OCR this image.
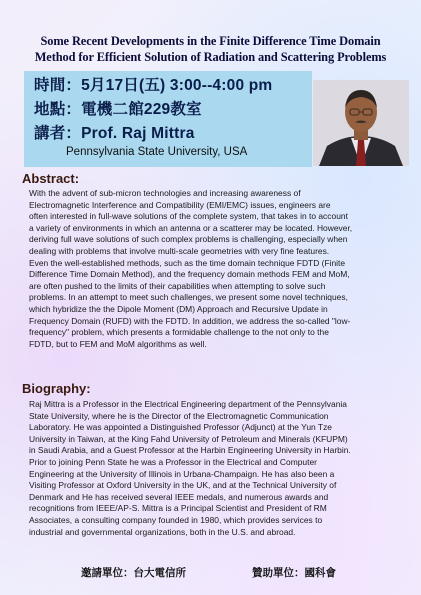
Some Recent Developments in the Finite Difference Time Domain
Method for Efficient Solution of Radiation and Scattering Problems
時間：5月17日(五) 3:00--4:00 pm
地點：電機二館229教室
講者：Prof. Raj Mittra
Pennsylvania State University, USA
Abstract:
With the advent of sub-micron technologies and increasing awareness of
Electromagnetic Interference and Compatibility (EMI/EMC) issues, engineers are
often interested in full-wave solutions of the complete system, that takes in to account
a variety of environments in which an antenna or a scatterer may be located. However,
deriving full wave solutions of such complex problems is challenging, especially when
dealing with problems that involve multi-scale geometries with very fine features.
Even the well-established methods, such as the time domain technique FDTD (Finite
Difference Time Domain Method), and the frequency domain methods FEM and MoM,
are often pushed to the limits of their capabilities when attempting to solve such
problems. In an attempt to meet such challenges, we present some novel techniques,
which hybridize the the Dipole Moment (DM) Approach and Recursive Update in
Frequency Domain (RUFD) with the FDTD. In addition, we address the so-called "low-
frequency" problem, which presents a formidable challenge to the not only to the
FDTD, but to FEM and MoM algorithms as well.
Biography:
Raj Mittra is a Professor in the Electrical Engineering department of the Pennsylvania
State University, where he is the Director of the Electromagnetic Communication
Laboratory. He was appointed a Distinguished Professor (Adjunct) at the Yun Tze
University in Taiwan, at the King Fahd University of Petroleum and Minerals (KFUPM)
in Saudi Arabia, and a Guest Professor at the Harbin Engineering University in Harbin.
Prior to joining Penn State he was a Professor in the Electrical and Computer
Engineering at the University of Illinois in Urbana-Champaign. He has also been a
Visiting Professor at Oxford University in the UK, and at the Technical University of
Denmark and He has received several IEEE medals, and numerous awards and
recognitions from IEEE/AP-S. Mittra is a Principal Scientist and President of RM
Associates, a consulting company founded in 1980, which provides services to
industrial and governmental organizations, both in the U.S. and abroad.
邀請單位：台大電信所	贊助單位：國科會
